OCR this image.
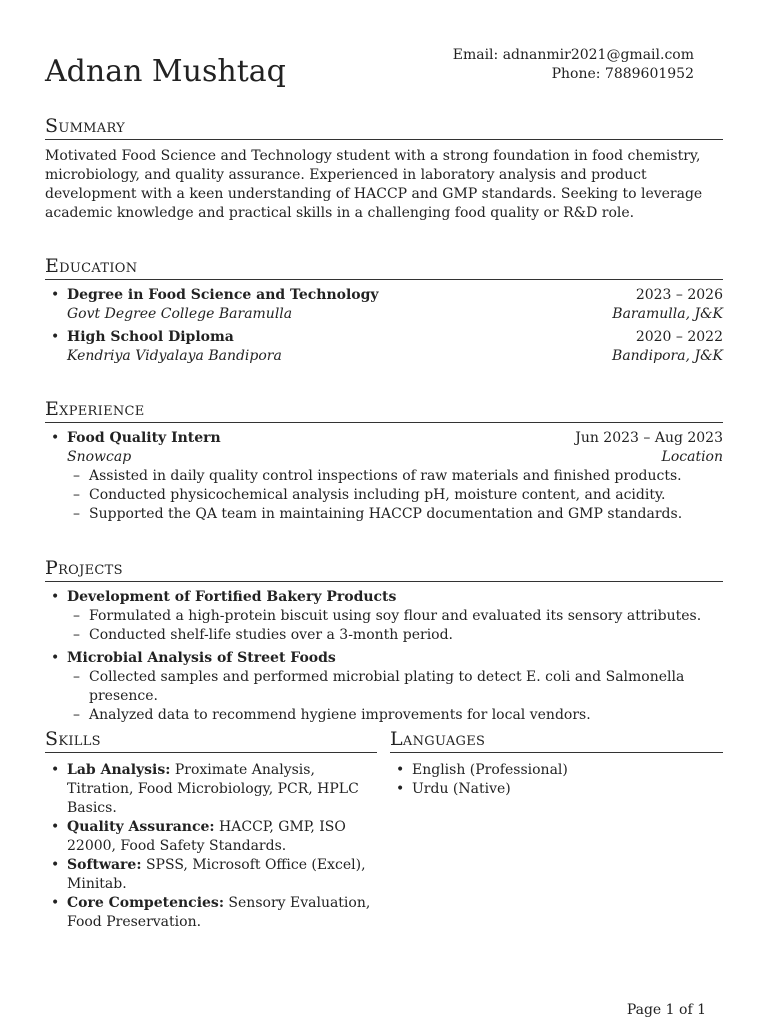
Adnan Mushtaq	Email: adnanmir2021@gmail.com
Phone: 7889601952
Summary
Motivated Food Science and Technology student with a strong foundation in food chemistry, microbiology, and quality assurance. Experienced in laboratory analysis and product development with a keen understanding of HACCP and GMP standards. Seeking to leverage academic knowledge and practical skills in a challenging food quality or R&D role.
Education
• Degree in Food Science and Technology	2023 – 2026
Govt Degree College Baramulla	Baramulla, J&K
• High School Diploma	2020 – 2022
Kendriya Vidyalaya Bandipora	Bandipora, J&K
Experience
• Food Quality Intern	Jun 2023 – Aug 2023
Snowcap	Location
– Assisted in daily quality control inspections of raw materials and finished products.
– Conducted physicochemical analysis including pH, moisture content, and acidity.
– Supported the QA team in maintaining HACCP documentation and GMP standards.
Projects
• Development of Fortified Bakery Products
– Formulated a high-protein biscuit using soy flour and evaluated its sensory attributes.
– Conducted shelf-life studies over a 3-month period.
• Microbial Analysis of Street Foods
– Collected samples and performed microbial plating to detect E. coli and Salmonella presence.
– Analyzed data to recommend hygiene improvements for local vendors.
Skills
• Lab Analysis: Proximate Analysis, Titration, Food Microbiology, PCR, HPLC Basics.
• Quality Assurance: HACCP, GMP, ISO 22000, Food Safety Standards.
• Software: SPSS, Microsoft Office (Excel), Minitab.
• Core Competencies: Sensory Evaluation, Food Preservation.
Languages
• English (Professional)
• Urdu (Native)
Page 1 of 1
